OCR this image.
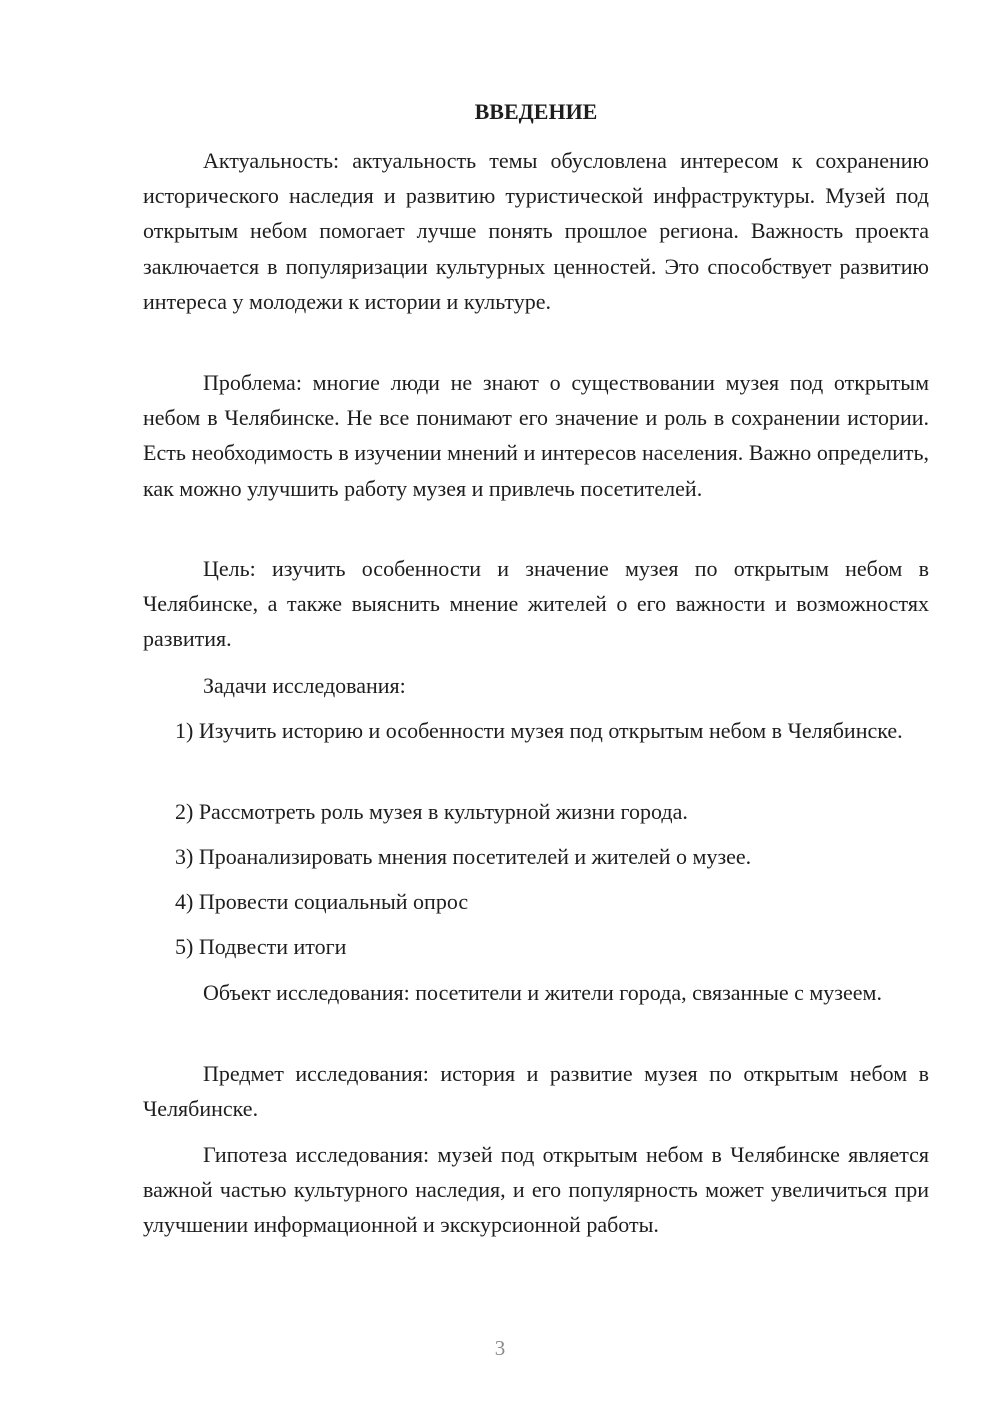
ВВЕДЕНИЕ

Актуальность: актуальность темы обусловлена интересом к сохранению исторического наследия и развитию туристической инфраструктуры. Музей под открытым небом помогает лучше понять прошлое региона. Важность проекта заключается в популяризации культурных ценностей. Это способствует развитию интереса у молодежи к истории и культуре.

Проблема: многие люди не знают о существовании музея под открытым небом в Челябинске. Не все понимают его значение и роль в сохранении истории. Есть необходимость в изучении мнений и интересов населения. Важно определить, как можно улучшить работу музея и привлечь посетителей.

Цель: изучить особенности и значение музея по открытым небом в Челябинске, а также выяснить мнение жителей о его важности и возможностях развития.

Задачи исследования:

1) Изучить историю и особенности музея под открытым небом в Челябинске.

2) Рассмотреть роль музея в культурной жизни города.

3) Проанализировать мнения посетителей и жителей о музее.

4) Провести социальный опрос

5) Подвести итоги

Объект исследования: посетители и жители города, связанные с музеем.

Предмет исследования: история и развитие музея по открытым небом в Челябинске.

Гипотеза исследования: музей под открытым небом в Челябинске является важной частью культурного наследия, и его популярность может увеличиться при улучшении информационной и экскурсионной работы.

3
